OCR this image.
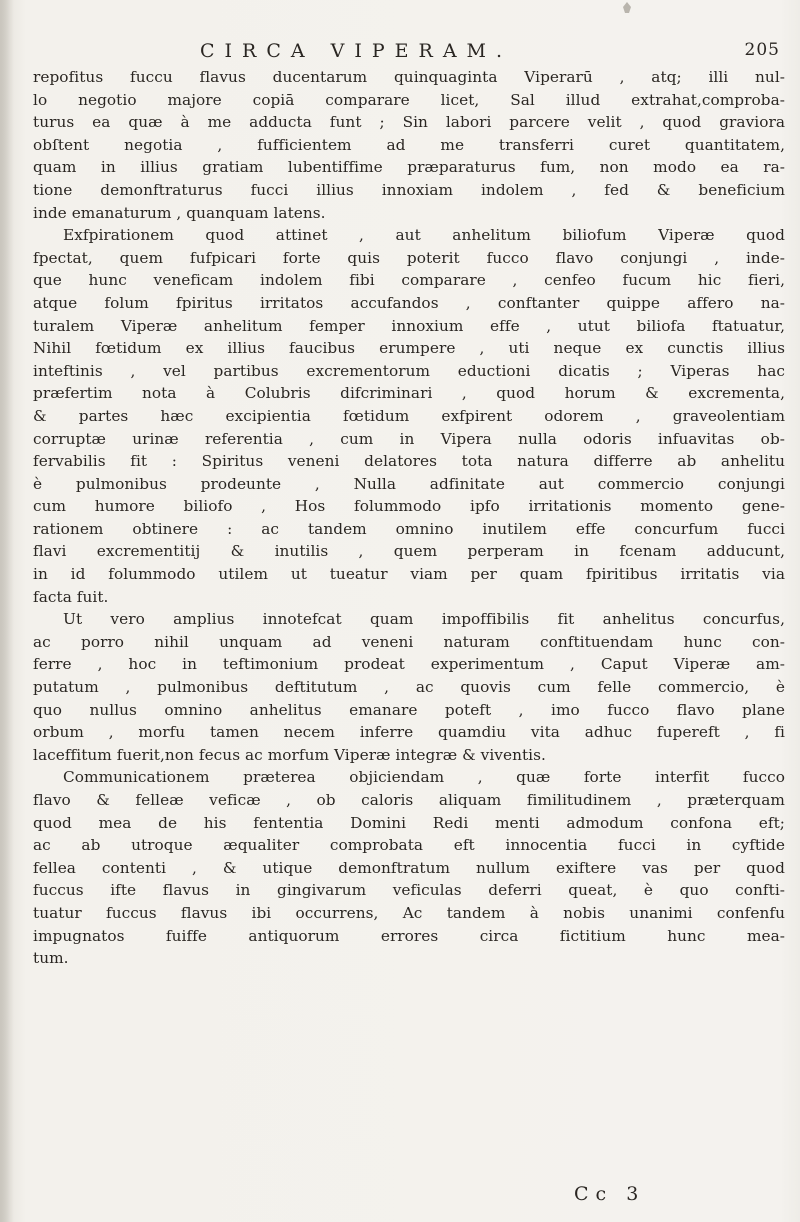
CIRCA VIPERAM.	205
repofitus fuccu flavus ducentarum quinquaginta Viperarū , atq; illi nul-
lo negotio majore copiā comparare licet, Sal illud extrahat,comproba-
turus ea quæ à me adducta funt ; Sin labori parcere velit , quod graviora
obſtent negotia , fufficientem ad me transferri curet quantitatem,
quam in illius gratiam lubentiffime præparaturus fum, non modo ea ra-
tione demonftraturus fucci illius innoxiam indolem , fed & beneficium
inde emanaturum , quanquam latens.
Exfpirationem quod attinet , aut anhelitum biliofum Viperæ quod
fpectat, quem fufpicari forte quis poterit fucco flavo conjungi , inde-
que hunc veneficam indolem fibi comparare , cenfeo fucum hic fieri,
atque folum fpiritus irritatos accufandos , conftanter quippe affero na-
turalem Viperæ anhelitum femper innoxium effe , utut biliofa ftatuatur,
Nihil fœtidum ex illius faucibus erumpere , uti neque ex cunctis illius
inteftinis , vel partibus excrementorum eductioni dicatis ; Viperas hac
præfertim nota à Colubris difcriminari , quod horum & excrementa,
& partes hæc excipientia fœtidum exfpirent odorem , graveolentiam
corruptæ urinæ referentia , cum in Vipera nulla odoris infuavitas ob-
fervabilis fit : Spiritus veneni delatores tota natura differre ab anhelitu
è pulmonibus prodeunte , Nulla adfinitate aut commercio conjungi
cum humore biliofo , Hos folummodo ipfo irritationis momento gene-
rationem obtinere : ac tandem omnino inutilem effe concurfum fucci
flavi excrementitij & inutilis , quem perperam in fcenam adducunt,
in id folummodo utilem ut tueatur viam per quam fpiritibus irritatis via
facta fuit.
Ut vero amplius innotefcat quam impoffibilis fit anhelitus concurfus,
ac porro nihil unquam ad veneni naturam conftituendam hunc con-
ferre , hoc in teftimonium prodeat experimentum , Caput Viperæ am-
putatum , pulmonibus deftitutum , ac quovis cum felle commercio, è
quo nullus omnino anhelitus emanare poteft , imo fucco flavo plane
orbum , morfu tamen necem inferre quamdiu vita adhuc fupereft , fi
laceffitum fuerit,non fecus ac morfum Viperæ integræ & viventis.
Communicationem præterea objiciendam , quæ forte interfit fucco
flavo & felleæ veficæ , ob caloris aliquam fimilitudinem , præterquam
quod mea de his fententia Domini Redi menti admodum confona eft;
ac ab utroque æqualiter comprobata eft innocentia fucci in cyftide
fellea contenti , & utique demonftratum nullum exiftere vas per quod
fuccus ifte flavus in gingivarum veficulas deferri queat, è quo confti-
tuatur fuccus flavus ibi occurrens, Ac tandem à nobis unanimi confenfu
impugnatos fuiffe antiquorum errores circa fictitium hunc mea-
tum.
Cc 3
